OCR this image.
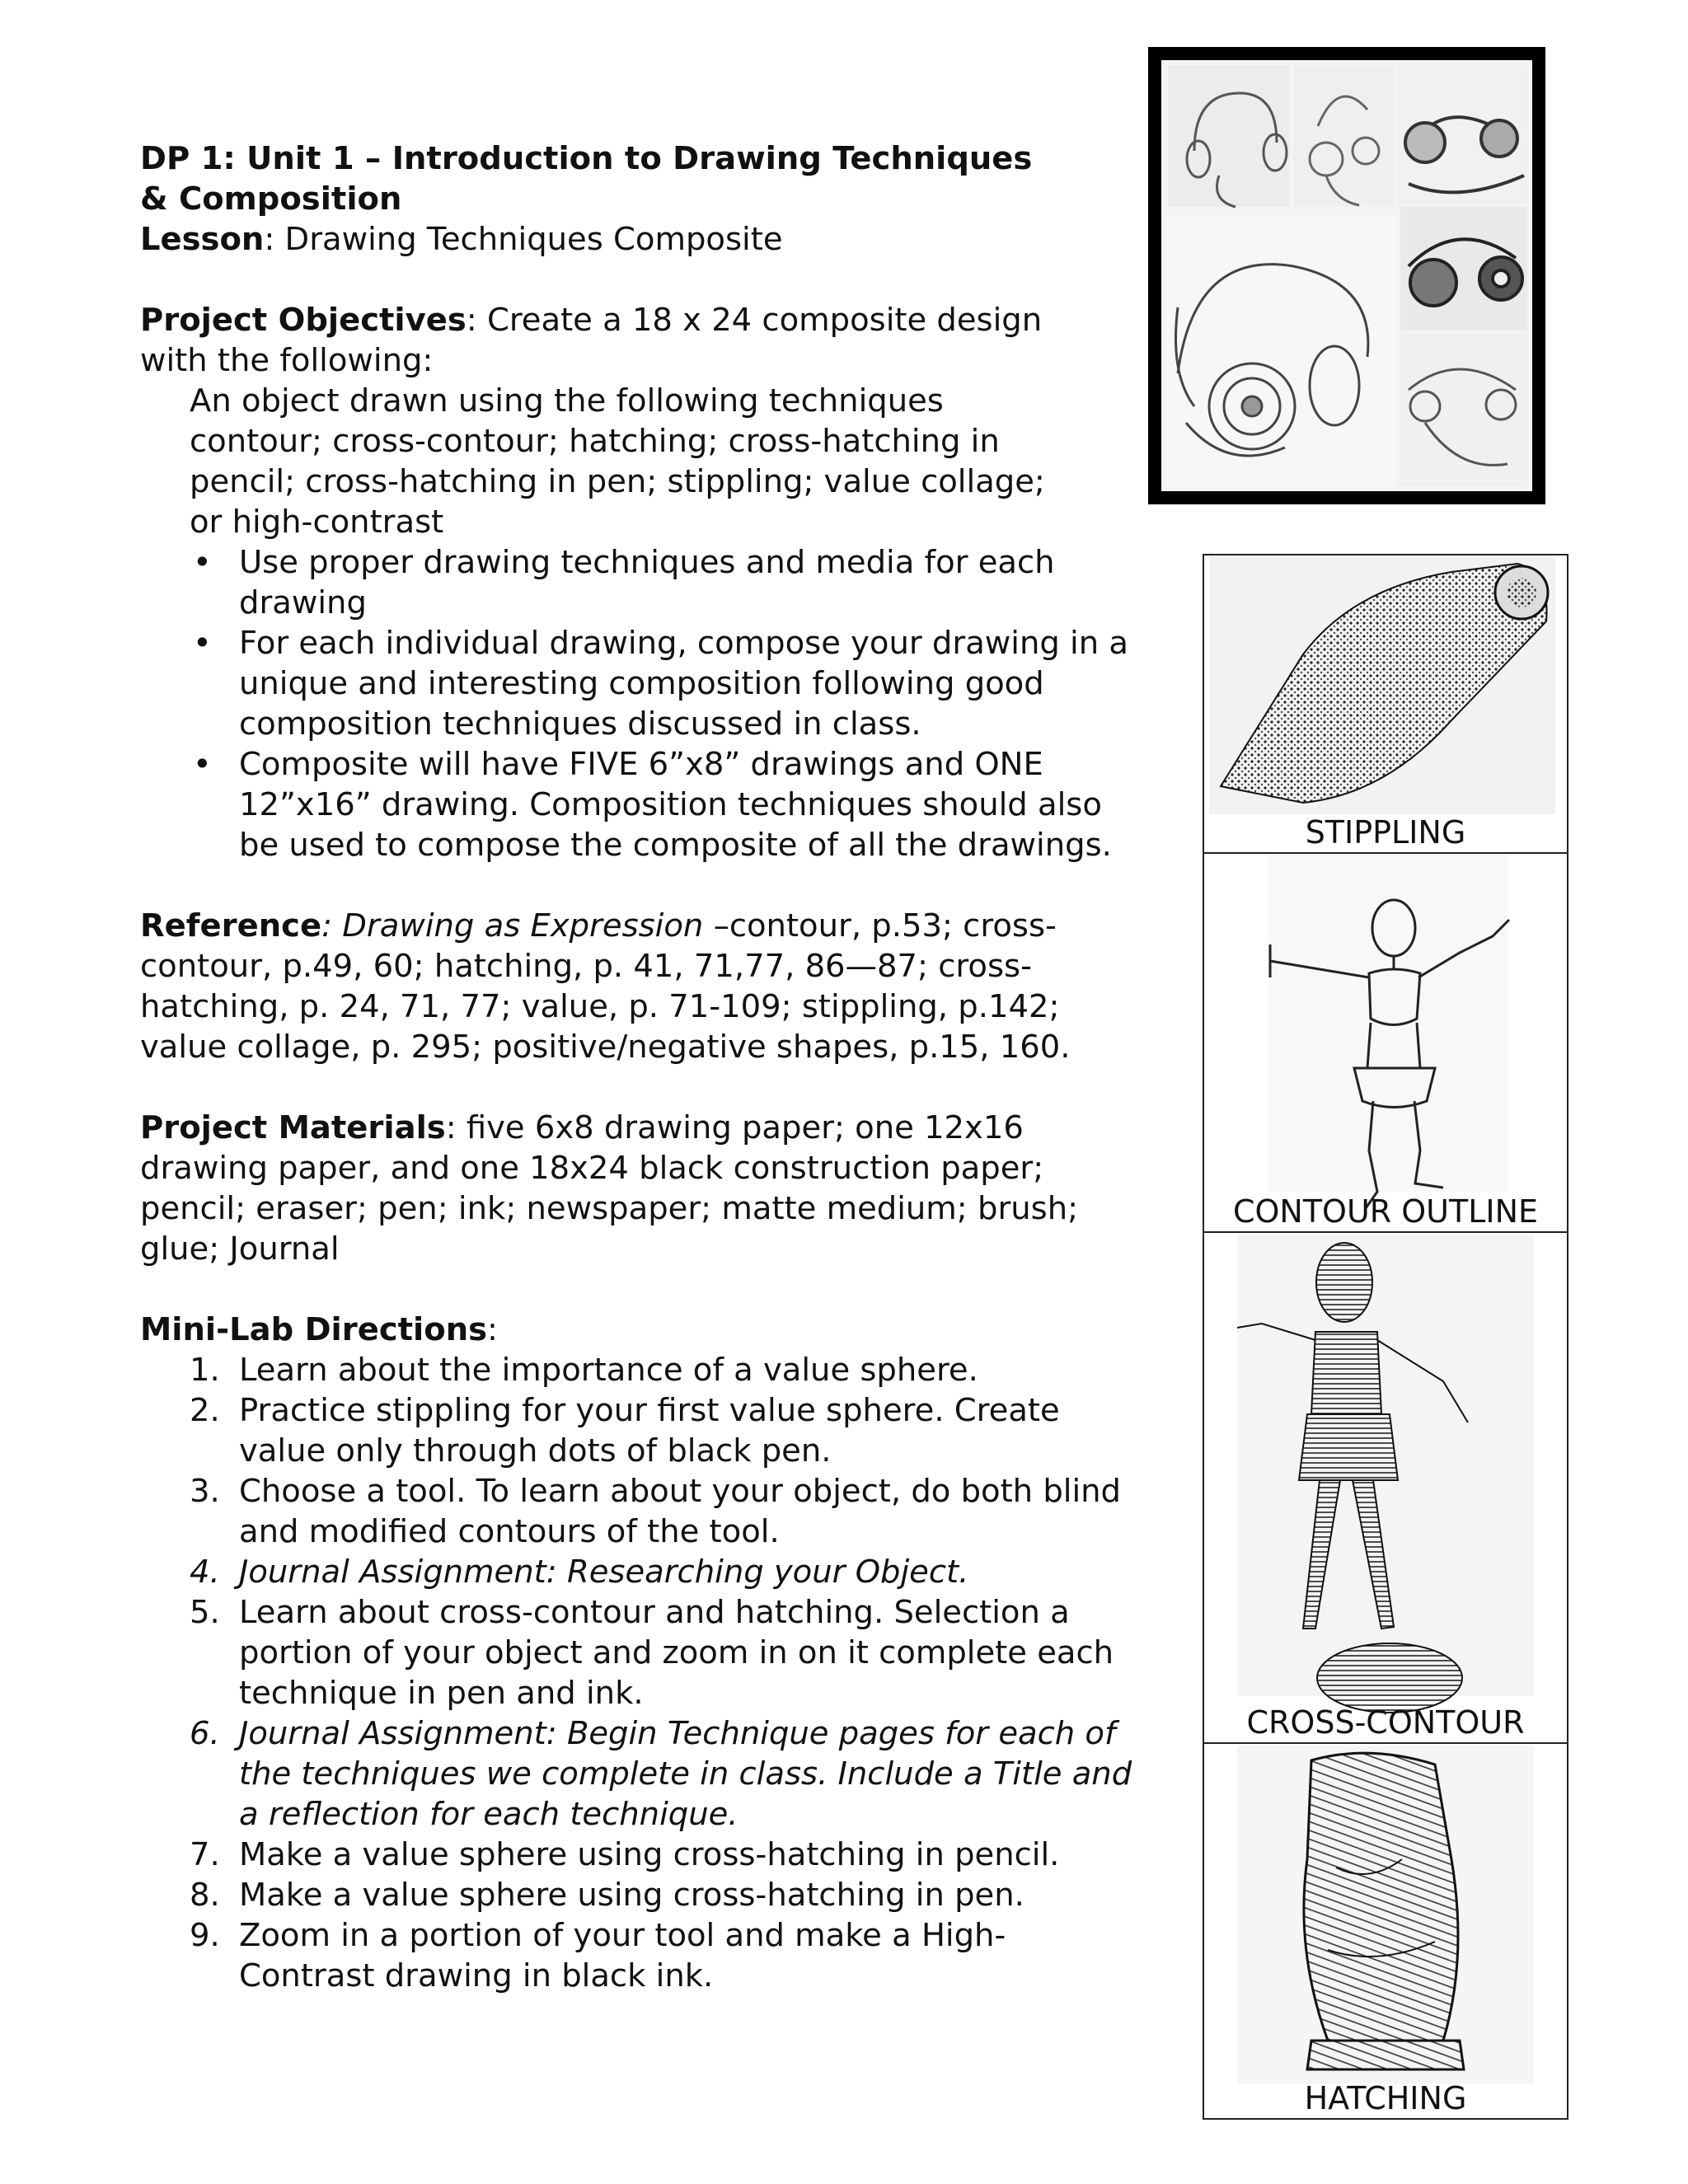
DP 1: Unit 1 – Introduction to Drawing Techniques
& Composition
Lesson: Drawing Techniques Composite
Project Objectives: Create a 18 x 24 composite design
with the following:
An object drawn using the following techniques
contour; cross-contour; hatching; cross-hatching in
pencil; cross-hatching in pen; stippling; value collage;
or high-contrast
• Use proper drawing techniques and media for each
drawing
• For each individual drawing, compose your drawing in a
unique and interesting composition following good
composition techniques discussed in class.
• Composite will have FIVE 6”x8” drawings and ONE
12”x16” drawing. Composition techniques should also
be used to compose the composite of all the drawings.
Reference: Drawing as Expression –contour, p.53; cross-
contour, p.49, 60; hatching, p. 41, 71,77, 86—87; cross-
hatching, p. 24, 71, 77; value, p. 71-109; stippling, p.142;
value collage, p. 295; positive/negative shapes, p.15, 160.
Project Materials: five 6x8 drawing paper; one 12x16
drawing paper, and one 18x24 black construction paper;
pencil; eraser; pen; ink; newspaper; matte medium; brush;
glue; Journal
Mini-Lab Directions:
1. Learn about the importance of a value sphere.
2. Practice stippling for your first value sphere. Create
value only through dots of black pen.
3. Choose a tool. To learn about your object, do both blind
and modified contours of the tool.
4. Journal Assignment: Researching your Object.
5. Learn about cross-contour and hatching. Selection a
portion of your object and zoom in on it complete each
technique in pen and ink.
6. Journal Assignment: Begin Technique pages for each of
the techniques we complete in class. Include a Title and
a reflection for each technique.
7. Make a value sphere using cross-hatching in pencil.
8. Make a value sphere using cross-hatching in pen.
9. Zoom in a portion of your tool and make a High-
Contrast drawing in black ink.
STIPPLING
CONTOUR OUTLINE
CROSS-CONTOUR
HATCHING
